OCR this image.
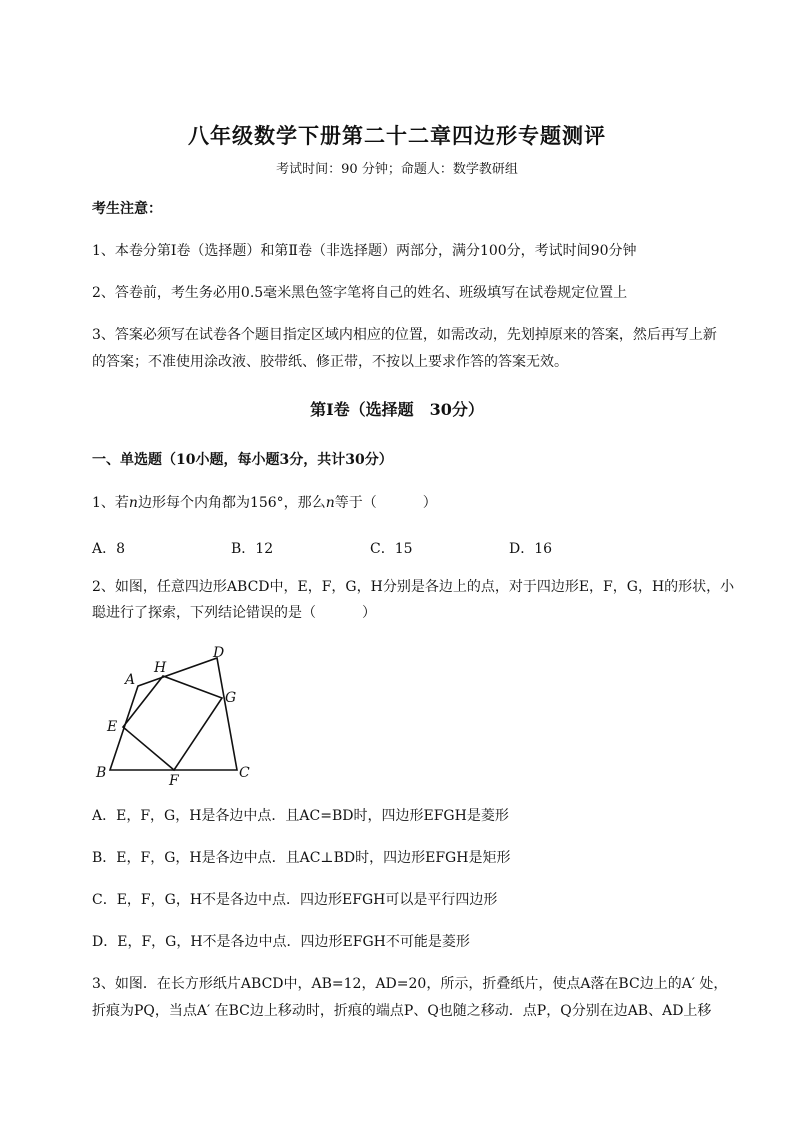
八年级数学下册第二十二章四边形专题测评
考试时间：90 分钟；命题人：数学教研组
考生注意：
1、本卷分第Ⅰ卷（选择题）和第Ⅱ卷（非选择题）两部分，满分100分，考试时间90分钟
2、答卷前，考生务必用0.5毫米黑色签字笔将自己的姓名、班级填写在试卷规定位置上
3、答案必须写在试卷各个题目指定区域内相应的位置，如需改动，先划掉原来的答案，然后再写上新
的答案；不准使用涂改液、胶带纸、修正带，不按以上要求作答的答案无效。
第Ⅰ卷（选择题　30分）
一、单选题（10小题，每小题3分，共计30分）
1、若n边形每个内角都为156°，那么n等于（	）
A．8	B．12	C．15	D．16
2、如图，任意四边形ABCD中，E，F，G，H分别是各边上的点，对于四边形E，F，G，H的形状，小
聪进行了探索，下列结论错误的是（	）
A
B	C
D
E
F
G
H
A．E，F，G，H是各边中点．且AC=BD时，四边形EFGH是菱形
B．E，F，G，H是各边中点．且AC⊥BD时，四边形EFGH是矩形
C．E，F，G，H不是各边中点．四边形EFGH可以是平行四边形
D．E，F，G，H不是各边中点．四边形EFGH不可能是菱形
3、如图．在长方形纸片ABCD中，AB=12，AD=20，所示，折叠纸片，使点A落在BC边上的A′ 处，
折痕为PQ，当点A′ 在BC边上移动时，折痕的端点P、Q也随之移动．点P，Q分别在边AB、AD上移
